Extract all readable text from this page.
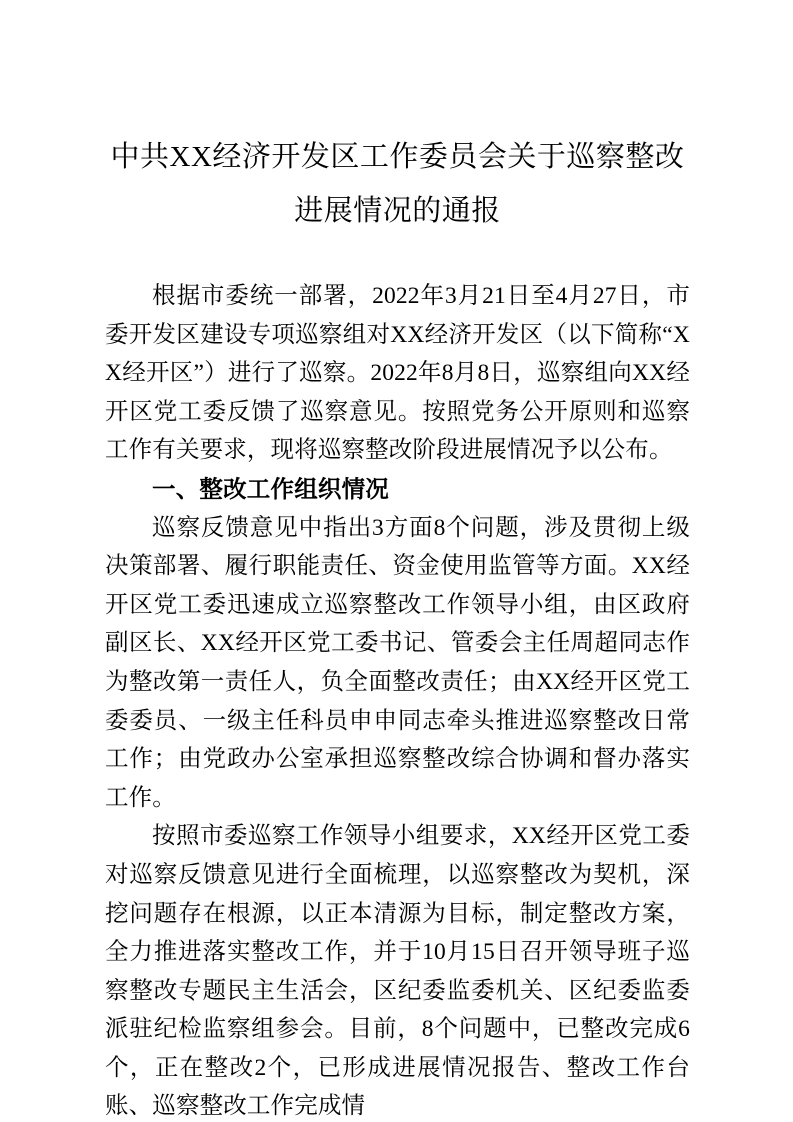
中共XX经济开发区工作委员会关于巡察整改进展情况的通报

根据市委统一部署，2022年3月21日至4月27日，市委开发区建设专项巡察组对XX经济开发区（以下简称“XX经开区”）进行了巡察。2022年8月8日，巡察组向XX经开区党工委反馈了巡察意见。按照党务公开原则和巡察工作有关要求，现将巡察整改阶段进展情况予以公布。

一、整改工作组织情况

巡察反馈意见中指出3方面8个问题，涉及贯彻上级决策部署、履行职能责任、资金使用监管等方面。XX经开区党工委迅速成立巡察整改工作领导小组，由区政府副区长、XX经开区党工委书记、管委会主任周超同志作为整改第一责任人，负全面整改责任；由XX经开区党工委委员、一级主任科员申申同志牵头推进巡察整改日常工作；由党政办公室承担巡察整改综合协调和督办落实工作。

按照市委巡察工作领导小组要求，XX经开区党工委对巡察反馈意见进行全面梳理，以巡察整改为契机，深挖问题存在根源，以正本清源为目标，制定整改方案，全力推进落实整改工作，并于10月15日召开领导班子巡察整改专题民主生活会，区纪委监委机关、区纪委监委派驻纪检监察组参会。目前，8个问题中，已整改完成6个，正在整改2个，已形成进展情况报告、整改工作台账、巡察整改工作完成情
